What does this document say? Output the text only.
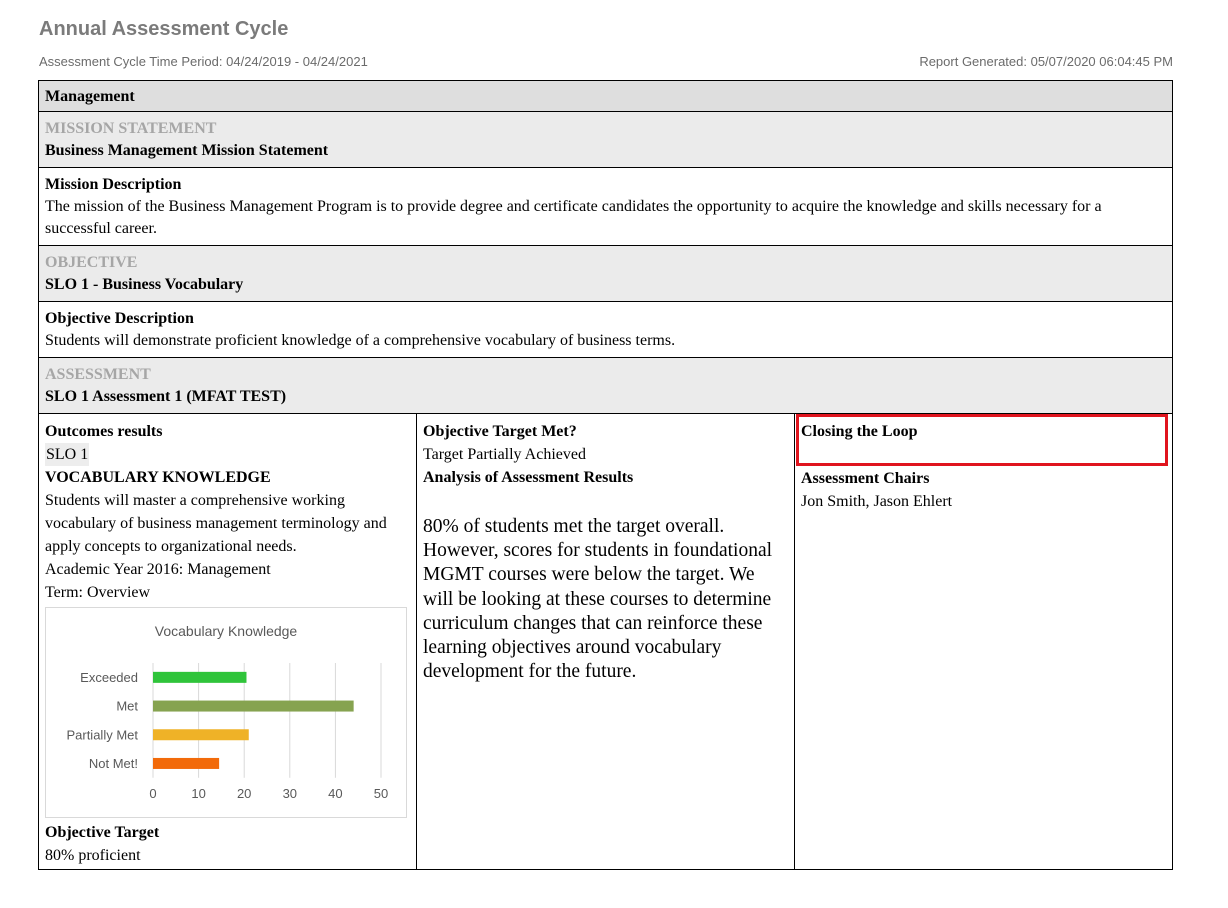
Annual Assessment Cycle
Assessment Cycle Time Period: 04/24/2019 - 04/24/2021	Report Generated: 05/07/2020 06:04:45 PM
Management
MISSION STATEMENT
Business Management Mission Statement
Mission Description
The mission of the Business Management Program is to provide degree and certificate candidates the opportunity to acquire the knowledge and skills necessary for a successful career.
OBJECTIVE
SLO 1 - Business Vocabulary
Objective Description
Students will demonstrate proficient knowledge of a comprehensive vocabulary of business terms.
ASSESSMENT
SLO 1 Assessment 1 (MFAT TEST)
Outcomes results
SLO 1
VOCABULARY KNOWLEDGE
Students will master a comprehensive working vocabulary of business management terminology and apply concepts to organizational needs.
Academic Year 2016: Management
Term: Overview
Vocabulary Knowledge
Exceeded
Met
Partially Met
Not Met!
0	10 20 30 40 50
Objective Target
80% proficient
Objective Target Met?
Target Partially Achieved
Analysis of Assessment Results
80% of students met the target overall. However, scores for students in foundational MGMT courses were below the target. We will be looking at these courses to determine curriculum changes that can reinforce these learning objectives around vocabulary development for the future.
Closing the Loop
Assessment Chairs
Jon Smith, Jason Ehlert
